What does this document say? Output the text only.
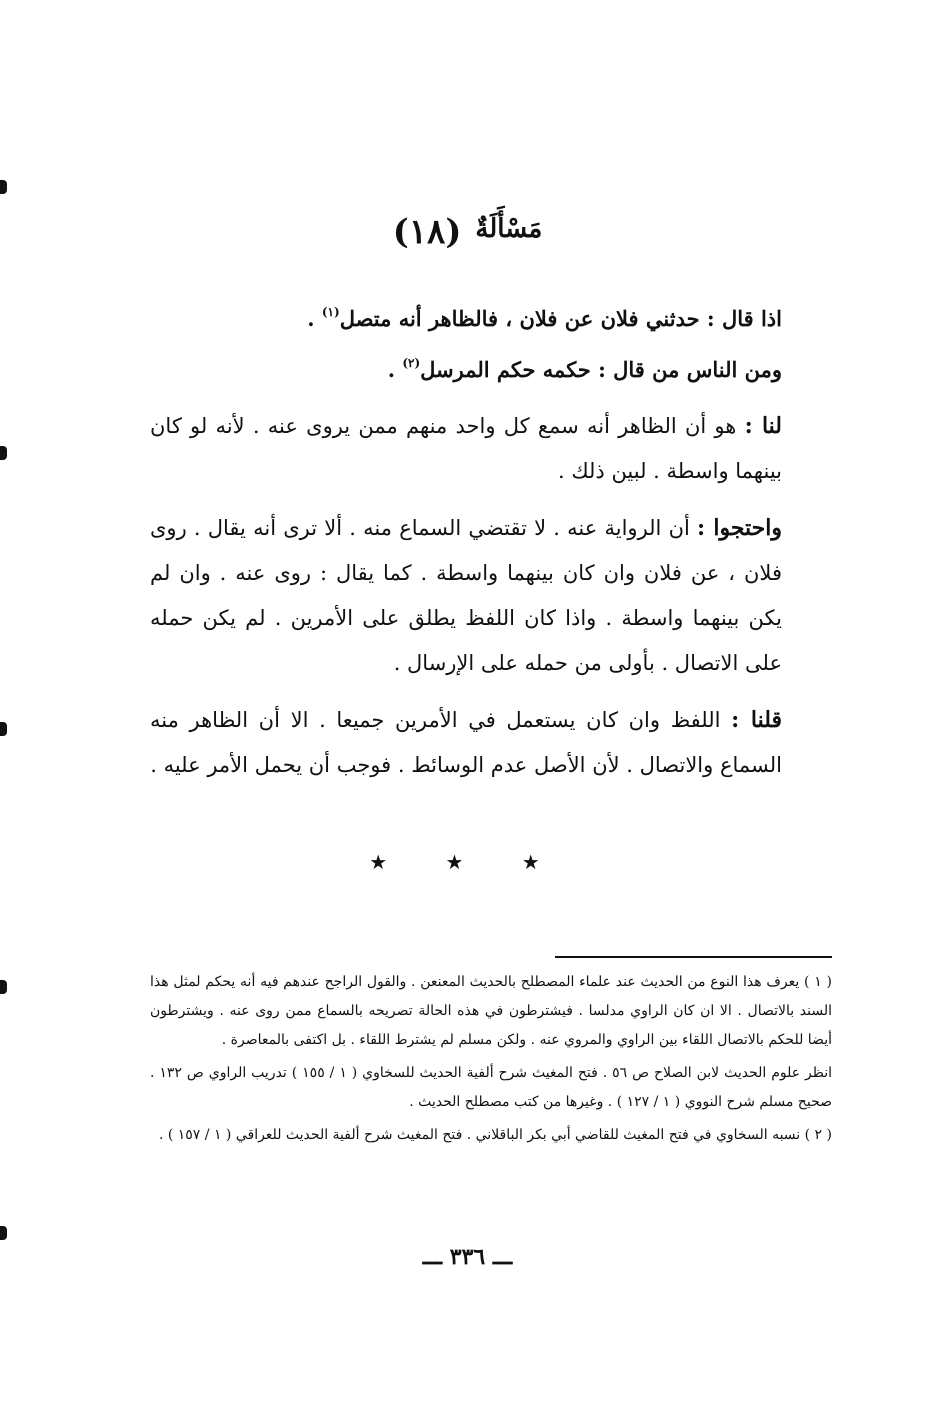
مَسْأَلَةٌ(١٨)

اذا قال : حدثني فلان عن فلان ، فالظاهر أنه متصل$^{(١)}$ .

ومن الناس من قال : حكمه حكم المرسل$^{(٢)}$ .

لنا : هو أن الظاهر أنه سمع كل واحد منهم ممن يروى عنه . لأنه لو كان بينهما واسطة . لبين ذلك .

واحتجوا : أن الرواية عنه . لا تقتضي السماع منه . ألا ترى أنه يقال . روى فلان ، عن فلان وان كان بينهما واسطة . كما يقال : روى عنه . وان لم يكن بينهما واسطة . واذا كان اللفظ يطلق على الأمرين . لم يكن حمله على الاتصال . بأولى من حمله على الإرسال .

قلنا : اللفظ وان كان يستعمل في الأمرين جميعا . الا أن الظاهر منه السماع والاتصال . لأن الأصل عدم الوسائط . فوجب أن يحمل الأمر عليه .

★ ★ ★

( ١ ) يعرف هذا النوع من الحديث عند علماء المصطلح بالحديث المعنعن . والقول الراجح عندهم فيه أنه يحكم لمثل هذا السند بالاتصال . الا ان كان الراوي مدلسا . فيشترطون في هذه الحالة تصريحه بالسماع ممن روى عنه . ويشترطون أيضا للحكم بالاتصال اللقاء بين الراوي والمروي عنه . ولكن مسلم لم يشترط اللقاء . بل اكتفى بالمعاصرة .

انظر علوم الحديث لابن الصلاح ص ٥٦ . فتح المغيث شرح ألفية الحديث للسخاوي ( ١ / ١٥٥ ) تدريب الراوي ص ١٣٢ . صحيح مسلم شرح النووي ( ١ / ١٢٧ ) . وغيرها من كتب مصطلح الحديث .

( ٢ ) نسبه السخاوي في فتح المغيث للقاضي أبي بكر الباقلاني . فتح المغيث شرح ألفية الحديث للعراقي ( ١ / ١٥٧ ) .

ـــ ٣٣٦ ـــ
